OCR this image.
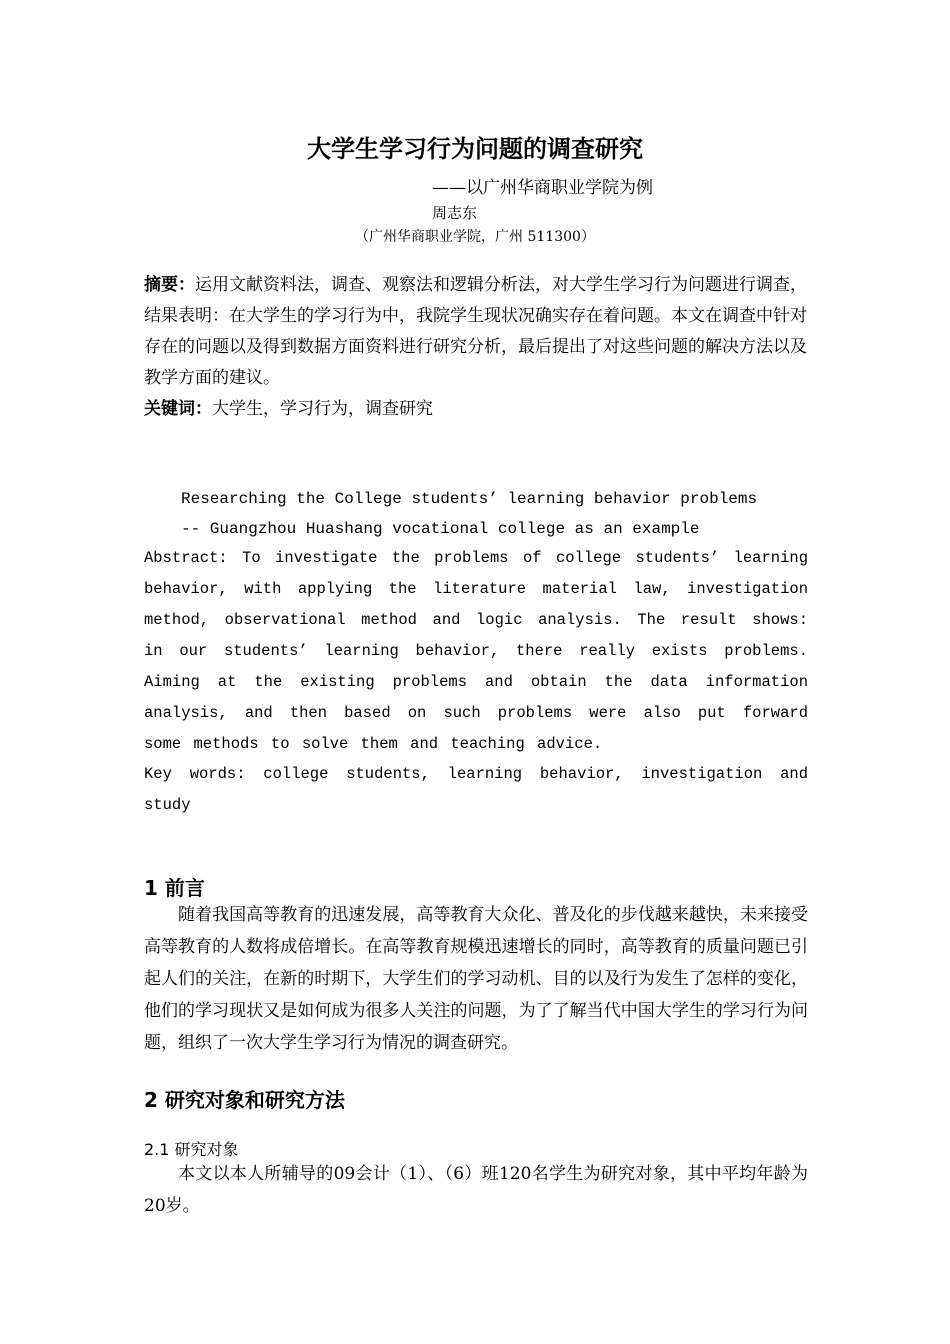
大学生学习行为问题的调查研究
——以广州华商职业学院为例
周志东
（广州华商职业学院，广州 511300）
摘要：运用文献资料法，调查、观察法和逻辑分析法，对大学生学习行为问题进行调查，结果表明：在大学生的学习行为中，我院学生现状况确实存在着问题。本文在调查中针对存在的问题以及得到数据方面资料进行研究分析，最后提出了对这些问题的解决方法以及教学方面的建议。
关键词：大学生，学习行为，调查研究
Researching the College students’ learning behavior problems
-- Guangzhou Huashang vocational college as an example
Abstract: To investigate the problems of college students’ learning behavior, with applying the literature material law, investigation method, observational method and logic analysis. The result shows: in our students’ learning behavior, there really exists problems. Aiming at the existing problems and obtain the data information analysis, and then based on such problems were also put forward some methods to solve them and teaching advice.
Key words: college students, learning behavior, investigation and study
1 前言
随着我国高等教育的迅速发展，高等教育大众化、普及化的步伐越来越快，未来接受高等教育的人数将成倍增长。在高等教育规模迅速增长的同时，高等教育的质量问题已引起人们的关注，在新的时期下，大学生们的学习动机、目的以及行为发生了怎样的变化，他们的学习现状又是如何成为很多人关注的问题，为了了解当代中国大学生的学习行为问题，组织了一次大学生学习行为情况的调查研究。
2 研究对象和研究方法
2.1 研究对象
本文以本人所辅导的09会计（1）、（6）班120名学生为研究对象，其中平均年龄为20岁。
